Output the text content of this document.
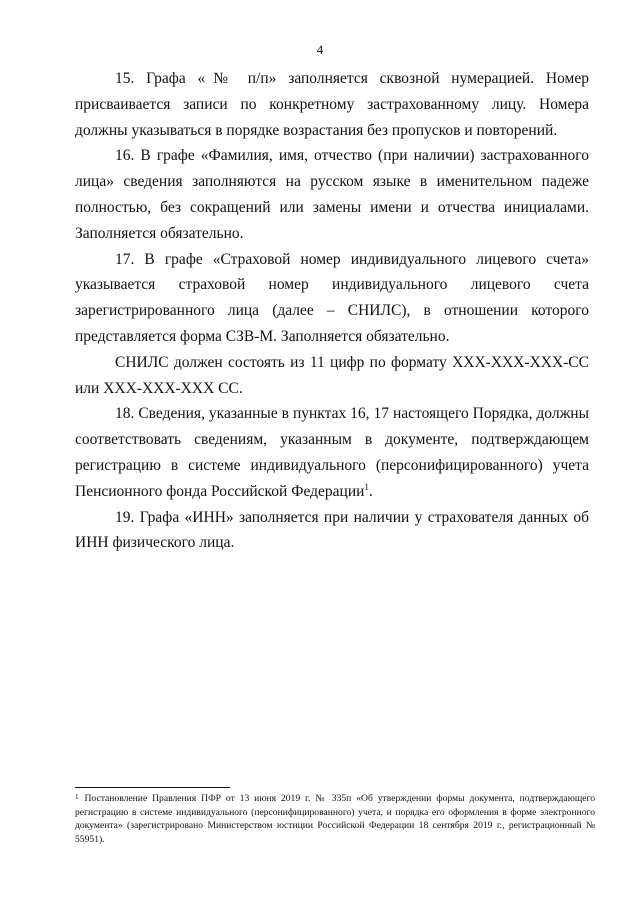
4

15. Графа «№ п/п» заполняется сквозной нумерацией. Номер присваивается записи по конкретному застрахованному лицу. Номера должны указываться в порядке возрастания без пропусков и повторений.

16. В графе «Фамилия, имя, отчество (при наличии) застрахованного лица» сведения заполняются на русском языке в именительном падеже полностью, без сокращений или замены имени и отчества инициалами. Заполняется обязательно.

17. В графе «Страховой номер индивидуального лицевого счета» указывается страховой номер индивидуального лицевого счета зарегистрированного лица (далее – СНИЛС), в отношении которого представляется форма СЗВ-М. Заполняется обязательно.

СНИЛС должен состоять из 11 цифр по формату ХХХ-ХХХ-ХХХ-СС или ХХХ-ХХХ-ХХХ СС.

18. Сведения, указанные в пунктах 16, 17 настоящего Порядка, должны соответствовать сведениям, указанным в документе, подтверждающем регистрацию в системе индивидуального (персонифицированного) учета Пенсионного фонда Российской Федерации$^1$.

19. Графа «ИНН» заполняется при наличии у страхователя данных об ИНН физического лица.

$^1$ Постановление Правления ПФР от 13 июня 2019 г. № 335п «Об утверждении формы документа, подтверждающего регистрацию в системе индивидуального (персонифицированного) учета, и порядка его оформления в форме электронного документа» (зарегистрировано Министерством юстиции Российской Федерации 18 сентября 2019 г., регистрационный № 55951).
